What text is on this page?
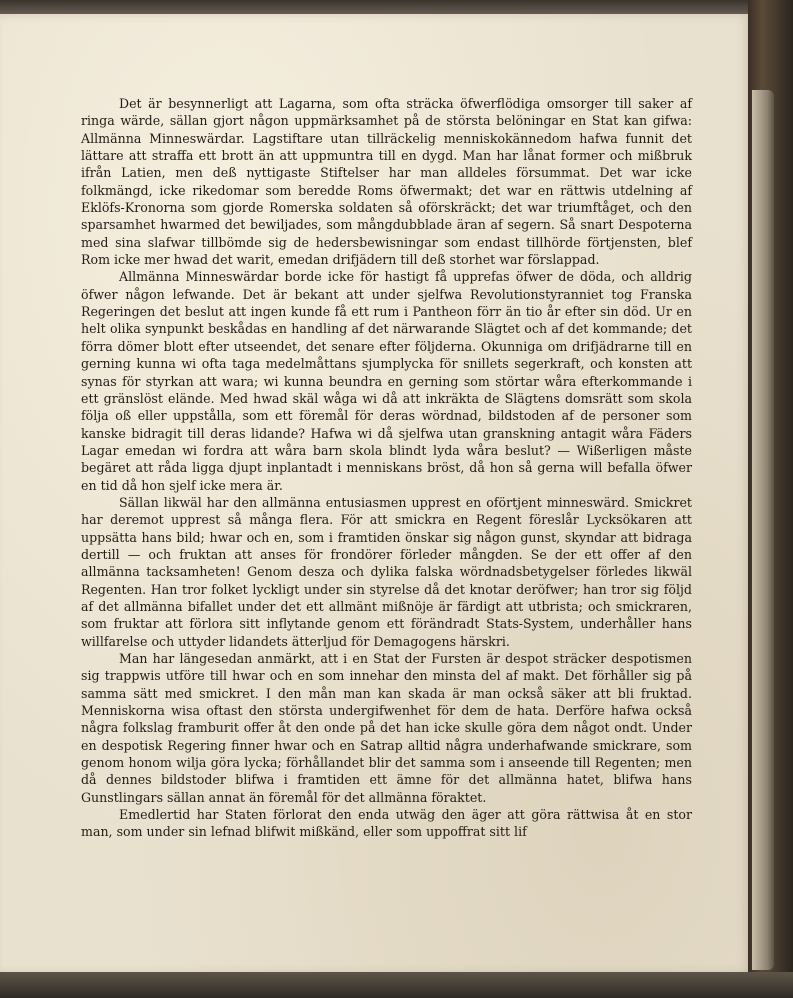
Det är besynnerligt att Lagarna, som ofta sträcka öfwerflödiga omsorger till saker af ringa wärde, sällan gjort någon uppmärksamhet på de största belöningar en Stat kan gifwa: Allmänna Minneswärdar. Lagstiftare utan tillräckelig menniskokännedom hafwa funnit det lättare att straffa ett brott än att uppmuntra till en dygd. Man har lånat former och mißbruk ifrån Latien, men deß nyttigaste Stiftelser har man alldeles försummat. Det war icke folkmängd, icke rikedomar som beredde Roms öfwermakt; det war en rättwis utdelning af Eklöfs-Kronorna som gjorde Romerska soldaten så oförskräckt; det war triumftåget, och den sparsamhet hwarmed det bewiljades, som mångdubblade äran af segern. Så snart Despoterna med sina slafwar tillbömde sig de hedersbewisningar som endast tillhörde förtjensten, blef Rom icke mer hwad det warit, emedan drifjädern till deß storhet war förslappad.

Allmänna Minneswärdar borde icke för hastigt få upprefas öfwer de döda, och alldrig öfwer någon lefwande. Det är bekant att under sjelfwa Revolutionstyranniet tog Franska Regeringen det beslut att ingen kunde få ett rum i Pantheon förr än tio år efter sin död. Ur en helt olika synpunkt beskådas en handling af det närwarande Slägtet och af det kommande; det förra dömer blott efter utseendet, det senare efter följderna. Okunniga om drifjädrarne till en gerning kunna wi ofta taga medelmåttans sjumplycka för snillets segerkraft, och konsten att synas för styrkan att wara; wi kunna beundra en gerning som störtar wåra efterkommande i ett gränslöst elände. Med hwad skäl wåga wi då att inkräkta de Slägtens domsrätt som skola följa oß eller uppstålla, som ett föremål för deras wördnad, bildstoden af de personer som kanske bidragit till deras lidande? Hafwa wi då sjelfwa utan granskning antagit wåra Fäders Lagar emedan wi fordra att wåra barn skola blindt lyda wåra beslut? — Wißerligen måste begäret att råda ligga djupt inplantadt i menniskans bröst, då hon så gerna will befalla öfwer en tid då hon sjelf icke mera är.

Sällan likwäl har den allmänna entusiasmen upprest en oförtjent minneswärd. Smickret har deremot upprest så många flera. För att smickra en Regent föreslår Lycksökaren att uppsätta hans bild; hwar och en, som i framtiden önskar sig någon gunst, skyndar att bidraga dertill — och fruktan att anses för frondörer förleder mångden. Se der ett offer af den allmänna tacksamheten! Genom desza och dylika falska wördnadsbetygelser förledes likwäl Regenten. Han tror folket lyckligt under sin styrelse då det knotar deröfwer; han tror sig följd af det allmänna bifallet under det ett allmänt mißnöje är färdigt att utbrista; och smickraren, som fruktar att förlora sitt inflytande genom ett förändradt Stats-System, underhåller hans willfarelse och uttyder lidandets ätterljud för Demagogens härskri.

Man har längesedan anmärkt, att i en Stat der Fursten är despot sträcker despotismen sig trappwis utföre till hwar och en som innehar den minsta del af makt. Det förhåller sig på samma sätt med smickret. I den mån man kan skada är man också säker att bli fruktad. Menniskorna wisa oftast den största undergifwenhet för dem de hata. Derföre hafwa också några folkslag framburit offer åt den onde på det han icke skulle göra dem något ondt. Under en despotisk Regering finner hwar och en Satrap alltid några underhafwande smickrare, som genom honom wilja göra lycka; förhållandet blir det samma som i anseende till Regenten; men då dennes bildstoder blifwa i framtiden ett ämne för det allmänna hatet, blifwa hans Gunstlingars sällan annat än föremål för det allmänna föraktet.

Emedlertid har Staten förlorat den enda utwäg den äger att göra rättwisa åt en stor man, som under sin lefnad blifwit mißkänd, eller som uppoffrat sitt lif
